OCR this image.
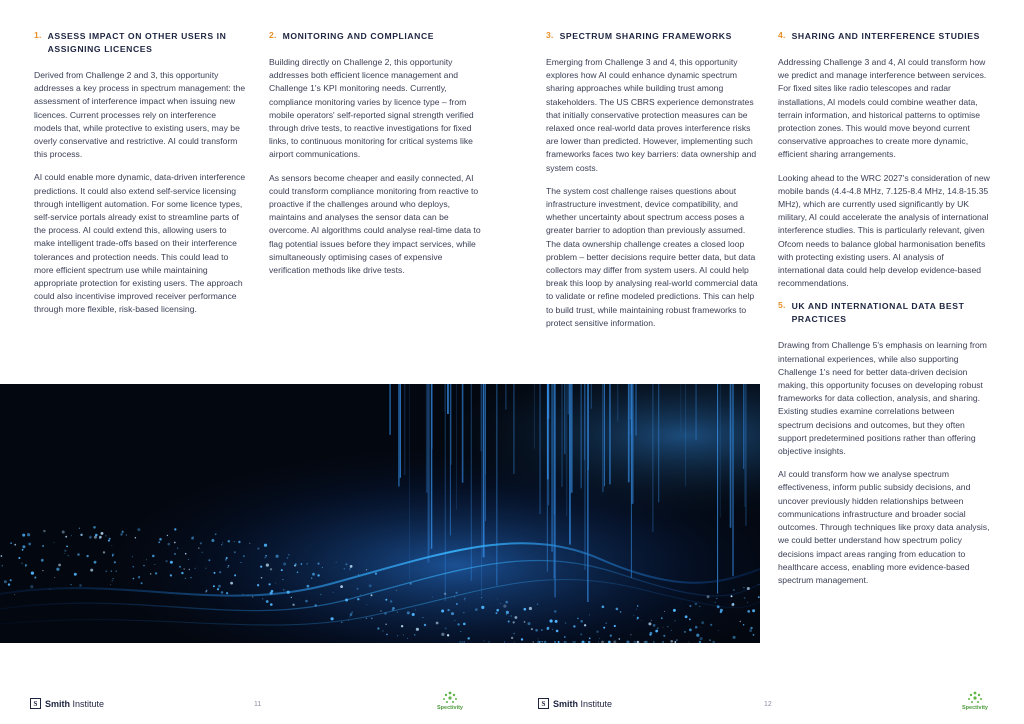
1. ASSESS IMPACT ON OTHER USERS IN ASSIGNING LICENCES

Derived from Challenge 2 and 3, this opportunity addresses a key process in spectrum management: the assessment of interference impact when issuing new licences. Current processes rely on interference models that, while protective to existing users, may be overly conservative and restrictive. AI could transform this process.

AI could enable more dynamic, data-driven interference predictions. It could also extend self-service licensing through intelligent automation. For some licence types, self-service portals already exist to streamline parts of the process. AI could extend this, allowing users to make intelligent trade-offs based on their interference tolerances and protection needs. This could lead to more efficient spectrum use while maintaining appropriate protection for existing users. The approach could also incentivise improved receiver performance through more flexible, risk-based licensing.

2. MONITORING AND COMPLIANCE

Building directly on Challenge 2, this opportunity addresses both efficient licence management and Challenge 1's KPI monitoring needs. Currently, compliance monitoring varies by licence type – from mobile operators' self-reported signal strength verified through drive tests, to reactive investigations for fixed links, to continuous monitoring for critical systems like airport communications.

As sensors become cheaper and easily connected, AI could transform compliance monitoring from reactive to proactive if the challenges around who deploys, maintains and analyses the sensor data can be overcome. AI algorithms could analyse real-time data to flag potential issues before they impact services, while simultaneously optimising cases of expensive verification methods like drive tests.

3. SPECTRUM SHARING FRAMEWORKS

Emerging from Challenge 3 and 4, this opportunity explores how AI could enhance dynamic spectrum sharing approaches while building trust among stakeholders. The US CBRS experience demonstrates that initially conservative protection measures can be relaxed once real-world data proves interference risks are lower than predicted. However, implementing such frameworks faces two key barriers: data ownership and system costs.

The system cost challenge raises questions about infrastructure investment, device compatibility, and whether uncertainty about spectrum access poses a greater barrier to adoption than previously assumed. The data ownership challenge creates a closed loop problem – better decisions require better data, but data collectors may differ from system users. AI could help break this loop by analysing real-world commercial data to validate or refine modeled predictions. This can help to build trust, while maintaining robust frameworks to protect sensitive information.

4. SHARING AND INTERFERENCE STUDIES

Addressing Challenge 3 and 4, AI could transform how we predict and manage interference between services. For fixed sites like radio telescopes and radar installations, AI models could combine weather data, terrain information, and historical patterns to optimise protection zones. This would move beyond current conservative approaches to create more dynamic, efficient sharing arrangements.

Looking ahead to the WRC 2027's consideration of new mobile bands (4.4-4.8 MHz, 7.125-8.4 MHz, 14.8-15.35 MHz), which are currently used significantly by UK military, AI could accelerate the analysis of international interference studies. This is particularly relevant, given Ofcom needs to balance global harmonisation benefits with protecting existing users. AI analysis of international data could help develop evidence-based recommendations.

5. UK AND INTERNATIONAL DATA BEST PRACTICES

Drawing from Challenge 5's emphasis on learning from international experiences, while also supporting Challenge 1's need for better data-driven decision making, this opportunity focuses on developing robust frameworks for data collection, analysis, and sharing. Existing studies examine correlations between spectrum decisions and outcomes, but they often support predetermined positions rather than offering objective insights.

AI could transform how we analyse spectrum effectiveness, inform public subsidy decisions, and uncover previously hidden relationships between communications infrastructure and broader social outcomes. Through techniques like proxy data analysis, we could better understand how spectrum policy decisions impact areas ranging from education to healthcare access, enabling more evidence-based spectrum management.

S Smith Institute	11	Spectivity
S Smith Institute	12	Spectivity
